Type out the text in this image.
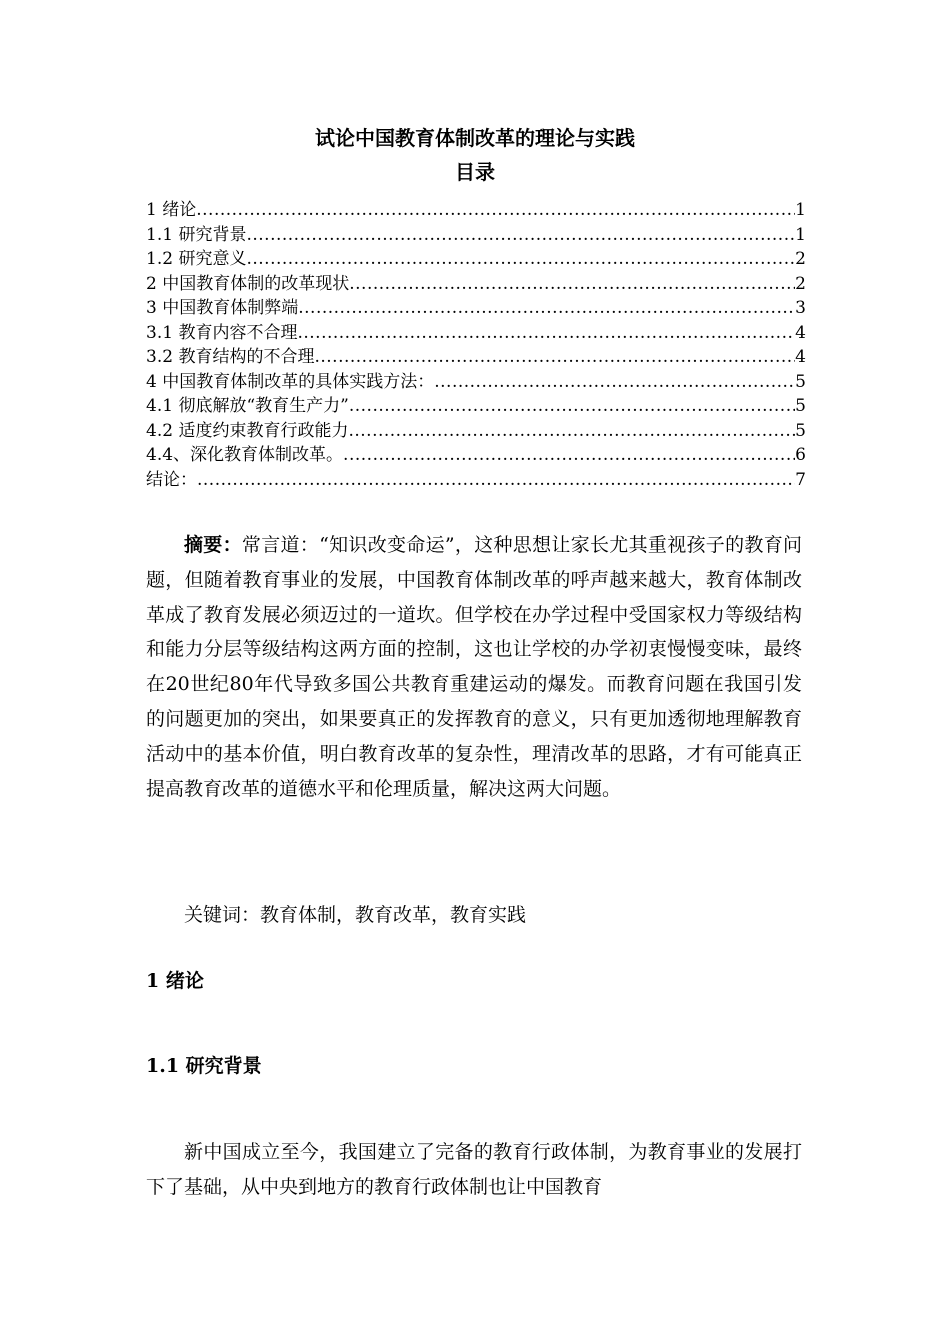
试论中国教育体制改革的理论与实践
目录
1 绪论 .....	1
1.1 研究背景 .....	1
1.2 研究意义 .....	2
2 中国教育体制的改革现状 .....	2
3 中国教育体制弊端 .....	3
3.1 教育内容不合理 .....	4
3.2 教育结构的不合理 .....	4
4 中国教育体制改革的具体实践方法： .....	5
4.1 彻底解放“教育生产力” .....	5
4.2 适度约束教育行政能力 .....	5
4.4、深化教育体制改革。 .....	6
结论： .....	7

摘要：常言道：“知识改变命运”，这种思想让家长尤其重视孩子的教育问题，但随着教育事业的发展，中国教育体制改革的呼声越来越大，教育体制改革成了教育发展必须迈过的一道坎。但学校在办学过程中受国家权力等级结构和能力分层等级结构这两方面的控制，这也让学校的办学初衷慢慢变味，最终在20世纪80年代导致多国公共教育重建运动的爆发。而教育问题在我国引发的问题更加的突出，如果要真正的发挥教育的意义，只有更加透彻地理解教育活动中的基本价值，明白教育改革的复杂性，理清改革的思路，才有可能真正提高教育改革的道德水平和伦理质量，解决这两大问题。

关键词：教育体制，教育改革，教育实践

1 绪论
1.1 研究背景

新中国成立至今，我国建立了完备的教育行政体制，为教育事业的发展打下了基础，从中央到地方的教育行政体制也让中国教育
